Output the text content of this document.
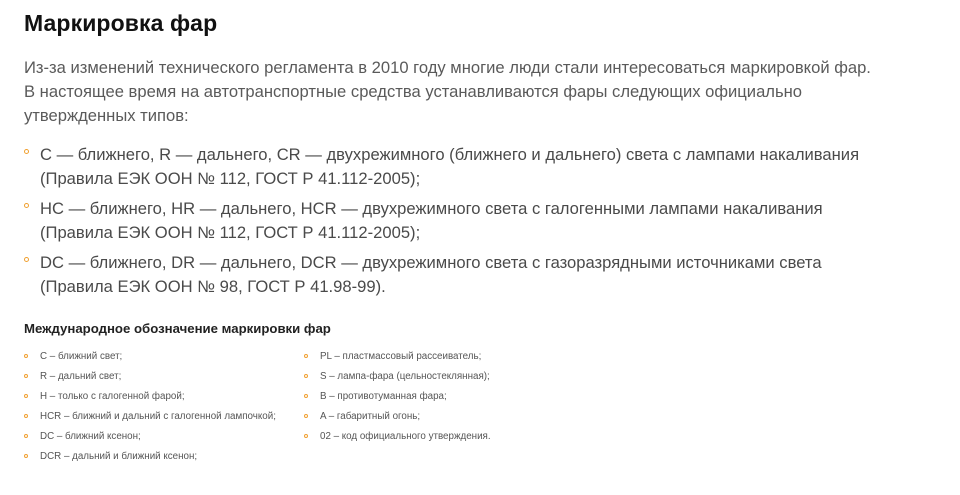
Маркировка фар

Из-за изменений технического регламента в 2010 году многие люди стали интересоваться маркировкой фар.
В настоящее время на автотранспортные средства устанавливаются фары следующих официально
утвержденных типов:

C — ближнего, R — дальнего, CR — двухрежимного (ближнего и дальнего) света с лампами накаливания
(Правила ЕЭК ООН № 112, ГОСТ Р 41.112-2005);
HC — ближнего, HR — дальнего, HCR — двухрежимного света с галогенными лампами накаливания
(Правила ЕЭК ООН № 112, ГОСТ Р 41.112-2005);
DC — ближнего, DR — дальнего, DCR — двухрежимного света с газоразрядными источниками света
(Правила ЕЭК ООН № 98, ГОСТ Р 41.98-99).
Международное обозначение маркировки фар
C – ближний свет;
R – дальний свет;
H – только с галогенной фарой;
HCR – ближний и дальний с галогенной лампочкой;
DC – ближний ксенон;
DCR – дальний и ближний ксенон;
PL – пластмассовый рассеиватель;
S – лампа-фара (цельностеклянная);
B – противотуманная фара;
A – габаритный огонь;
02 – код официального утверждения.
